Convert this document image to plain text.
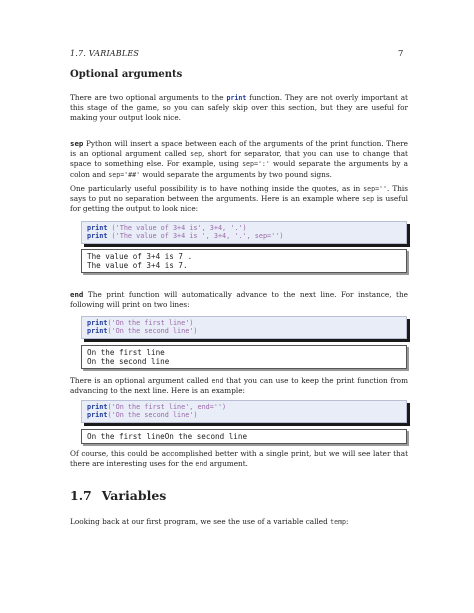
1.7. VARIABLES	7
Optional arguments

There are two optional arguments to the print function. They are not overly important at this stage of the game, so you can safely skip over this section, but they are useful for making your output look nice.

sep Python will insert a space between each of the arguments of the print function. There is an optional argument called sep, short for separator, that you can use to change that space to something else. For example, using sep=':' would separate the arguments by a colon and sep='##' would separate the arguments by two pound signs.

One particularly useful possibility is to have nothing inside the quotes, as in sep=''. This says to put no separation between the arguments. Here is an example where sep is useful for getting the output to look nice:

print ('The value of 3+4 is', 3+4, '.')
print ('The value of 3+4 is ', 3+4, '.', sep='')
The value of 3+4 is 7 .
The value of 3+4 is 7.

end The print function will automatically advance to the next line. For instance, the following will print on two lines:

print('On the first line')
print('On the second line')
On the first line
On the second line

There is an optional argument called end that you can use to keep the print function from advancing to the next line. Here is an example:

print('On the first line', end='')
print('On the second line')
On the first lineOn the second line

Of course, this could be accomplished better with a single print, but we will see later that there are interesting uses for the end argument.

1.7 Variables

Looking back at our first program, we see the use of a variable called temp:
